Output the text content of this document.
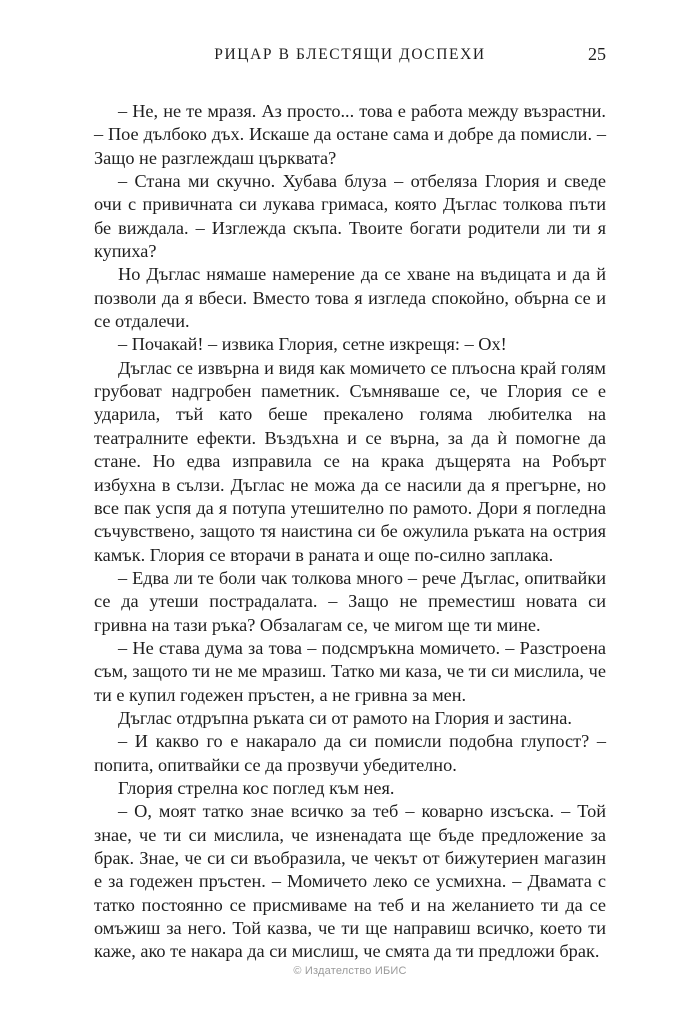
РИЦАР В БЛЕСТЯЩИ ДОСПЕХИ	25

– Не, не те мразя. Аз просто... това е работа между възрастни. – Пое дълбоко дъх. Искаше да остане сама и добре да помисли. – Защо не разглеждаш църквата?

– Стана ми скучно. Хубава блуза – отбеляза Глория и сведе очи с привичната си лукава гримаса, която Дъглас толкова пъти бе виждала. – Изглежда скъпа. Твоите богати родители ли ти я купиха?

Но Дъглас нямаше намерение да се хване на въдицата и да й позволи да я вбеси. Вместо това я изгледа спокойно, обърна се и се отдалечи.

– Почакай! – извика Глория, сетне изкрещя: – Ох!

Дъглас се извърна и видя как момичето се плъосна край голям грубоват надгробен паметник. Съмняваше се, че Глория се е ударила, тъй като беше прекалено голяма любителка на театралните ефекти. Въздъхна и се върна, за да ѝ помогне да стане. Но едва изправила се на крака дъщерята на Робърт избухна в сълзи. Дъглас не можа да се насили да я прегърне, но все пак успя да я потупа утешително по рамото. Дори я погледна съчувствено, защото тя наистина си бе ожулила ръката на острия камък. Глория се вторачи в раната и още по-силно заплака.

– Едва ли те боли чак толкова много – рече Дъглас, опитвайки се да утеши пострадалата. – Защо не преместиш новата си гривна на тази ръка? Обзалагам се, че мигом ще ти мине.

– Не става дума за това – подсмръкна момичето. – Разстроена съм, защото ти не ме мразиш. Татко ми каза, че ти си мислила, че ти е купил годежен пръстен, а не гривна за мен.

Дъглас отдръпна ръката си от рамото на Глория и застина.

– И какво го е накарало да си помисли подобна глупост? – попита, опитвайки се да прозвучи убедително.

Глория стрелна кос поглед към нея.

– О, моят татко знае всичко за теб – коварно изсъска. – Той знае, че ти си мислила, че изненадата ще бъде предложение за брак. Знае, че си си въобразила, че чекът от бижутериен магазин е за годежен пръстен. – Момичето леко се усмихна. – Двамата с татко постоянно се присмиваме на теб и на желанието ти да се омъжиш за него. Той казва, че ти ще направиш всичко, което ти каже, ако те накара да си мислиш, че смята да ти предложи брак.

© Издателство ИБИС
